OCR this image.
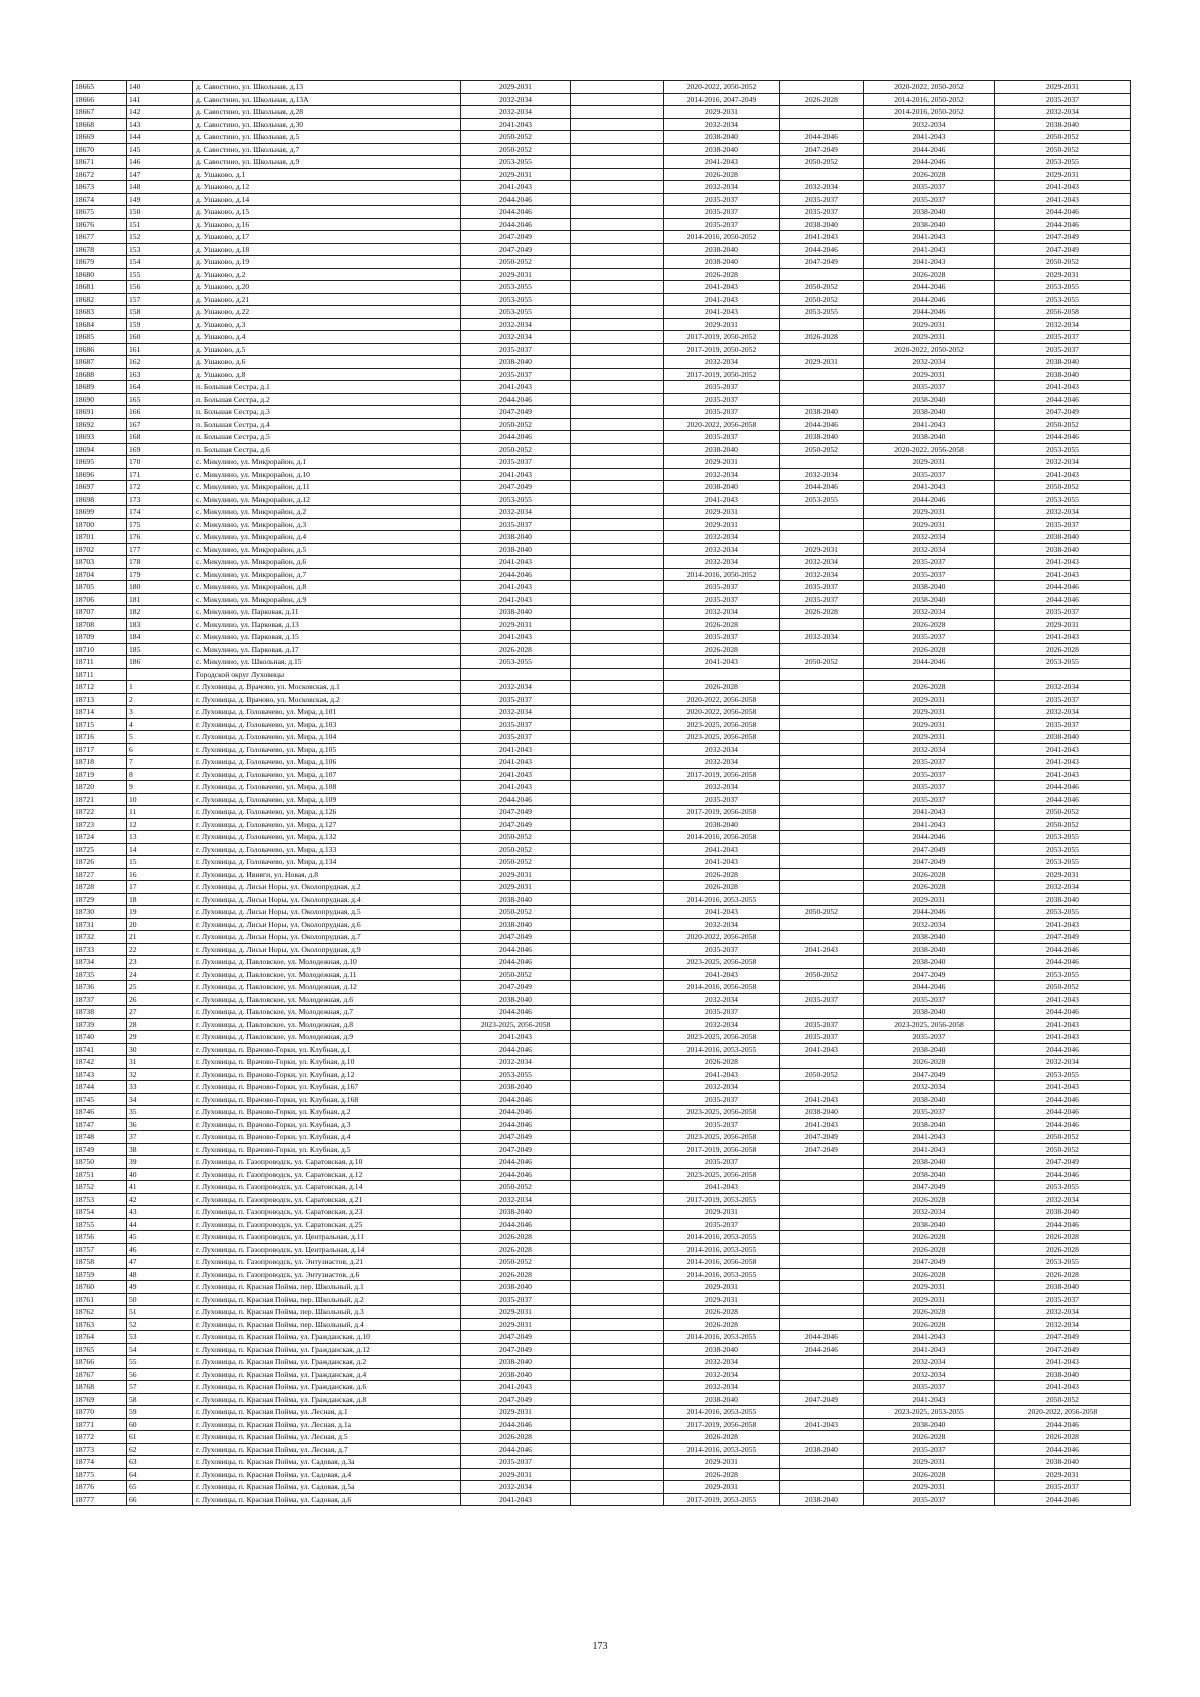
18665	140	д. Савостино, ул. Школьная, д.13	2029-2031		2020-2022, 2050-2052		2020-2022, 2050-2052	2029-2031
18666	141	д. Савостино, ул. Школьная, д.13А	2032-2034		2014-2016, 2047-2049	2026-2028	2014-2016, 2050-2052	2035-2037
18667	142	д. Савостино, ул. Школьная, д.28	2032-2034		2029-2031		2014-2016, 2050-2052	2032-2034
18668	143	д. Савостино, ул. Школьная, д.30	2041-2043		2032-2034		2032-2034	2038-2040
18669	144	д. Савостино, ул. Школьная, д.5	2050-2052		2038-2040	2044-2046	2041-2043	2050-2052
18670	145	д. Савостино, ул. Школьная, д.7	2050-2052		2038-2040	2047-2049	2044-2046	2050-2052
18671	146	д. Савостино, ул. Школьная, д.9	2053-2055		2041-2043	2050-2052	2044-2046	2053-2055
18672	147	д. Ушаково, д.1	2029-2031		2026-2028		2026-2028	2029-2031
18673	148	д. Ушаково, д.12	2041-2043		2032-2034	2032-2034	2035-2037	2041-2043
18674	149	д. Ушаково, д.14	2044-2046		2035-2037	2035-2037	2035-2037	2041-2043
18675	150	д. Ушаково, д.15	2044-2046		2035-2037	2035-2037	2038-2040	2044-2046
18676	151	д. Ушаково, д.16	2044-2046		2035-2037	2038-2040	2038-2040	2044-2046
18677	152	д. Ушаково, д.17	2047-2049		2014-2016, 2050-2052	2041-2043	2041-2043	2047-2049
18678	153	д. Ушаково, д.18	2047-2049		2038-2040	2044-2046	2041-2043	2047-2049
18679	154	д. Ушаково, д.19	2050-2052		2038-2040	2047-2049	2041-2043	2050-2052
18680	155	д. Ушаково, д.2	2029-2031		2026-2028		2026-2028	2029-2031
18681	156	д. Ушаково, д.20	2053-2055		2041-2043	2050-2052	2044-2046	2053-2055
18682	157	д. Ушаково, д.21	2053-2055		2041-2043	2050-2052	2044-2046	2053-2055
18683	158	д. Ушаково, д.22	2053-2055		2041-2043	2053-2055	2044-2046	2056-2058
18684	159	д. Ушаково, д.3	2032-2034		2029-2031		2029-2031	2032-2034
18685	160	д. Ушаково, д.4	2032-2034		2017-2019, 2050-2052	2026-2028	2029-2031	2035-2037
18686	161	д. Ушаково, д.5	2035-2037		2017-2019, 2050-2052		2020-2022, 2050-2052	2035-2037
18687	162	д. Ушаково, д.6	2038-2040		2032-2034	2029-2031	2032-2034	2038-2040
18688	163	д. Ушаково, д.8	2035-2037		2017-2019, 2050-2052		2029-2031	2038-2040
18689	164	п. Большая Сестра, д.1	2041-2043		2035-2037		2035-2037	2041-2043
18690	165	п. Большая Сестра, д.2	2044-2046		2035-2037		2038-2040	2044-2046
18691	166	п. Большая Сестра, д.3	2047-2049		2035-2037	2038-2040	2038-2040	2047-2049
18692	167	п. Большая Сестра, д.4	2050-2052		2020-2022, 2056-2058	2044-2046	2041-2043	2050-2052
18693	168	п. Большая Сестра, д.5	2044-2046		2035-2037	2038-2040	2038-2040	2044-2046
18694	169	п. Большая Сестра, д.6	2050-2052		2038-2040	2050-2052	2020-2022, 2056-2058	2053-2055
18695	170	с. Микулино, ул. Микрорайон, д.1	2035-2037		2029-2031		2029-2031	2032-2034
18696	171	с. Микулино, ул. Микрорайон, д.10	2041-2043		2032-2034	2032-2034	2035-2037	2041-2043
18697	172	с. Микулино, ул. Микрорайон, д.11	2047-2049		2038-2040	2044-2046	2041-2043	2050-2052
18698	173	с. Микулино, ул. Микрорайон, д.12	2053-2055		2041-2043	2053-2055	2044-2046	2053-2055
18699	174	с. Микулино, ул. Микрорайон, д.2	2032-2034		2029-2031		2029-2031	2032-2034
18700	175	с. Микулино, ул. Микрорайон, д.3	2035-2037		2029-2031		2029-2031	2035-2037
18701	176	с. Микулино, ул. Микрорайон, д.4	2038-2040		2032-2034		2032-2034	2038-2040
18702	177	с. Микулино, ул. Микрорайон, д.5	2038-2040		2032-2034	2029-2031	2032-2034	2038-2040
18703	178	с. Микулино, ул. Микрорайон, д.6	2041-2043		2032-2034	2032-2034	2035-2037	2041-2043
18704	179	с. Микулино, ул. Микрорайон, д.7	2044-2046		2014-2016, 2050-2052	2032-2034	2035-2037	2041-2043
18705	180	с. Микулино, ул. Микрорайон, д.8	2041-2043		2035-2037	2035-2037	2038-2040	2044-2046
18706	181	с. Микулино, ул. Микрорайон, д.9	2041-2043		2035-2037	2035-2037	2038-2040	2044-2046
18707	182	с. Микулино, ул. Парковая, д.11	2038-2040		2032-2034	2026-2028	2032-2034	2035-2037
18708	183	с. Микулино, ул. Парковая, д.13	2029-2031		2026-2028		2026-2028	2029-2031
18709	184	с. Микулино, ул. Парковая, д.15	2041-2043		2035-2037	2032-2034	2035-2037	2041-2043
18710	185	с. Микулино, ул. Парковая, д.17	2026-2028		2026-2028		2026-2028	2026-2028
18711	186	с. Микулино, ул. Школьная, д.15	2053-2055		2041-2043	2050-2052	2044-2046	2053-2055
18711		Городской округ Луховицы						
18712	1	г. Луховицы, д. Врачово, ул. Московская, д.1	2032-2034		2026-2028		2026-2028	2032-2034
18713	2	г. Луховицы, д. Врачово, ул. Московская, д.2	2035-2037		2020-2022, 2056-2058		2029-2031	2035-2037
18714	3	г. Луховицы, д. Головачево, ул. Мира, д.101	2032-2034		2020-2022, 2056-2058		2029-2031	2032-2034
18715	4	г. Луховицы, д. Головачево, ул. Мира, д.103	2035-2037		2023-2025, 2056-2058		2029-2031	2035-2037
18716	5	г. Луховицы, д. Головачево, ул. Мира, д.104	2035-2037		2023-2025, 2056-2058		2029-2031	2038-2040
18717	6	г. Луховицы, д. Головачево, ул. Мира, д.105	2041-2043		2032-2034		2032-2034	2041-2043
18718	7	г. Луховицы, д. Головачево, ул. Мира, д.106	2041-2043		2032-2034		2035-2037	2041-2043
18719	8	г. Луховицы, д. Головачево, ул. Мира, д.107	2041-2043		2017-2019, 2056-2058		2035-2037	2041-2043
18720	9	г. Луховицы, д. Головачево, ул. Мира, д.108	2041-2043		2032-2034		2035-2037	2044-2046
18721	10	г. Луховицы, д. Головачево, ул. Мира, д.109	2044-2046		2035-2037		2035-2037	2044-2046
18722	11	г. Луховицы, д. Головачево, ул. Мира, д.126	2047-2049		2017-2019, 2056-2058		2041-2043	2050-2052
18723	12	г. Луховицы, д. Головачево, ул. Мира, д.127	2047-2049		2038-2040		2041-2043	2050-2052
18724	13	г. Луховицы, д. Головачево, ул. Мира, д.132	2050-2052		2014-2016, 2056-2058		2044-2046	2053-2055
18725	14	г. Луховицы, д. Головачево, ул. Мира, д.133	2050-2052		2041-2043		2047-2049	2053-2055
18726	15	г. Луховицы, д. Головачево, ул. Мира, д.134	2050-2052		2041-2043		2047-2049	2053-2055
18727	16	г. Луховицы, д. Ивняги, ул. Новая, д.8	2029-2031		2026-2028		2026-2028	2029-2031
18728	17	г. Луховицы, д. Лисьи Норы, ул. Околопрудная, д.2	2029-2031		2026-2028		2026-2028	2032-2034
18729	18	г. Луховицы, д. Лисьи Норы, ул. Околопрудная, д.4	2038-2040		2014-2016, 2053-2055		2029-2031	2038-2040
18730	19	г. Луховицы, д. Лисьи Норы, ул. Околопрудная, д.5	2050-2052		2041-2043	2050-2052	2044-2046	2053-2055
18731	20	г. Луховицы, д. Лисьи Норы, ул. Околопрудная, д.6	2038-2040		2032-2034		2032-2034	2041-2043
18732	21	г. Луховицы, д. Лисьи Норы, ул. Околопрудная, д.7	2047-2049		2020-2022, 2056-2058		2038-2040	2047-2049
18733	22	г. Луховицы, д. Лисьи Норы, ул. Околопрудная, д.9	2044-2046		2035-2037	2041-2043	2038-2040	2044-2046
18734	23	г. Луховицы, д. Павловское, ул. Молодежная, д.10	2044-2046		2023-2025, 2056-2058		2038-2040	2044-2046
18735	24	г. Луховицы, д. Павловское, ул. Молодежная, д.11	2050-2052		2041-2043	2050-2052	2047-2049	2053-2055
18736	25	г. Луховицы, д. Павловское, ул. Молодежная, д.12	2047-2049		2014-2016, 2056-2058		2044-2046	2050-2052
18737	26	г. Луховицы, д. Павловское, ул. Молодежная, д.6	2038-2040		2032-2034	2035-2037	2035-2037	2041-2043
18738	27	г. Луховицы, д. Павловское, ул. Молодежная, д.7	2044-2046		2035-2037		2038-2040	2044-2046
18739	28	г. Луховицы, д. Павловское, ул. Молодежная, д.8	2023-2025, 2056-2058		2032-2034	2035-2037	2023-2025, 2056-2058	2041-2043
18740	29	г. Луховицы, д. Павловское, ул. Молодежная, д.9	2041-2043		2023-2025, 2056-2058	2035-2037	2035-2037	2041-2043
18741	30	г. Луховицы, п. Врачово-Горки, ул. Клубная, д.1	2044-2046		2014-2016, 2053-2055	2041-2043	2038-2040	2044-2046
18742	31	г. Луховицы, п. Врачово-Горки, ул. Клубная, д.10	2032-2034		2026-2028		2026-2028	2032-2034
18743	32	г. Луховицы, п. Врачово-Горки, ул. Клубная, д.12	2053-2055		2041-2043	2050-2052	2047-2049	2053-2055
18744	33	г. Луховицы, п. Врачово-Горки, ул. Клубная, д.167	2038-2040		2032-2034		2032-2034	2041-2043
18745	34	г. Луховицы, п. Врачово-Горки, ул. Клубная, д.168	2044-2046		2035-2037	2041-2043	2038-2040	2044-2046
18746	35	г. Луховицы, п. Врачово-Горки, ул. Клубная, д.2	2044-2046		2023-2025, 2056-2058	2038-2040	2035-2037	2044-2046
18747	36	г. Луховицы, п. Врачово-Горки, ул. Клубная, д.3	2044-2046		2035-2037	2041-2043	2038-2040	2044-2046
18748	37	г. Луховицы, п. Врачово-Горки, ул. Клубная, д.4	2047-2049		2023-2025, 2056-2058	2047-2049	2041-2043	2050-2052
18749	38	г. Луховицы, п. Врачово-Горки, ул. Клубная, д.5	2047-2049		2017-2019, 2056-2058	2047-2049	2041-2043	2050-2052
18750	39	г. Луховицы, п. Газопроводск, ул. Саратовская, д.10	2044-2046		2035-2037		2038-2040	2047-2049
18751	40	г. Луховицы, п. Газопроводск, ул. Саратовская, д.12	2044-2046		2023-2025, 2056-2058		2038-2040	2044-2046
18752	41	г. Луховицы, п. Газопроводск, ул. Саратовская, д.14	2050-2052		2041-2043		2047-2049	2053-2055
18753	42	г. Луховицы, п. Газопроводск, ул. Саратовская, д.21	2032-2034		2017-2019, 2053-2055		2026-2028	2032-2034
18754	43	г. Луховицы, п. Газопроводск, ул. Саратовская, д.23	2038-2040		2029-2031		2032-2034	2038-2040
18755	44	г. Луховицы, п. Газопроводск, ул. Саратовская, д.25	2044-2046		2035-2037		2038-2040	2044-2046
18756	45	г. Луховицы, п. Газопроводск, ул. Центральная, д.11	2026-2028		2014-2016, 2053-2055		2026-2028	2026-2028
18757	46	г. Луховицы, п. Газопроводск, ул. Центральная, д.14	2026-2028		2014-2016, 2053-2055		2026-2028	2026-2028
18758	47	г. Луховицы, п. Газопроводск, ул. Энтузиастов, д.21	2050-2052		2014-2016, 2056-2058		2047-2049	2053-2055
18759	48	г. Луховицы, п. Газопроводск, ул. Энтузиастов, д.6	2026-2028		2014-2016, 2053-2055		2026-2028	2026-2028
18760	49	г. Луховицы, п. Красная Пойма, пер. Школьный, д.1	2038-2040		2029-2031		2029-2031	2038-2040
18761	50	г. Луховицы, п. Красная Пойма, пер. Школьный, д.2	2035-2037		2029-2031		2029-2031	2035-2037
18762	51	г. Луховицы, п. Красная Пойма, пер. Школьный, д.3	2029-2031		2026-2028		2026-2028	2032-2034
18763	52	г. Луховицы, п. Красная Пойма, пер. Школьный, д.4	2029-2031		2026-2028		2026-2028	2032-2034
18764	53	г. Луховицы, п. Красная Пойма, ул. Гражданская, д.10	2047-2049		2014-2016, 2053-2055	2044-2046	2041-2043	2047-2049
18765	54	г. Луховицы, п. Красная Пойма, ул. Гражданская, д.12	2047-2049		2038-2040	2044-2046	2041-2043	2047-2049
18766	55	г. Луховицы, п. Красная Пойма, ул. Гражданская, д.2	2038-2040		2032-2034		2032-2034	2041-2043
18767	56	г. Луховицы, п. Красная Пойма, ул. Гражданская, д.4	2038-2040		2032-2034		2032-2034	2038-2040
18768	57	г. Луховицы, п. Красная Пойма, ул. Гражданская, д.6	2041-2043		2032-2034		2035-2037	2041-2043
18769	58	г. Луховицы, п. Красная Пойма, ул. Гражданская, д.8	2047-2049		2038-2040	2047-2049	2041-2043	2050-2052
18770	59	г. Луховицы, п. Красная Пойма, ул. Лесная, д.1	2029-2031		2014-2016, 2053-2055		2023-2025, 2053-2055	2020-2022, 2056-2058
18771	60	г. Луховицы, п. Красная Пойма, ул. Лесная, д.1а	2044-2046		2017-2019, 2056-2058	2041-2043	2038-2040	2044-2046
18772	61	г. Луховицы, п. Красная Пойма, ул. Лесная, д.5	2026-2028		2026-2028		2026-2028	2026-2028
18773	62	г. Луховицы, п. Красная Пойма, ул. Лесная, д.7	2044-2046		2014-2016, 2053-2055	2038-2040	2035-2037	2044-2046
18774	63	г. Луховицы, п. Красная Пойма, ул. Садовая, д.3а	2035-2037		2029-2031		2029-2031	2038-2040
18775	64	г. Луховицы, п. Красная Пойма, ул. Садовая, д.4	2029-2031		2026-2028		2026-2028	2029-2031
18776	65	г. Луховицы, п. Красная Пойма, ул. Садовая, д.5а	2032-2034		2029-2031		2029-2031	2035-2037
18777	66	г. Луховицы, п. Красная Пойма, ул. Садовая, д.6	2041-2043		2017-2019, 2053-2055	2038-2040	2035-2037	2044-2046
173
